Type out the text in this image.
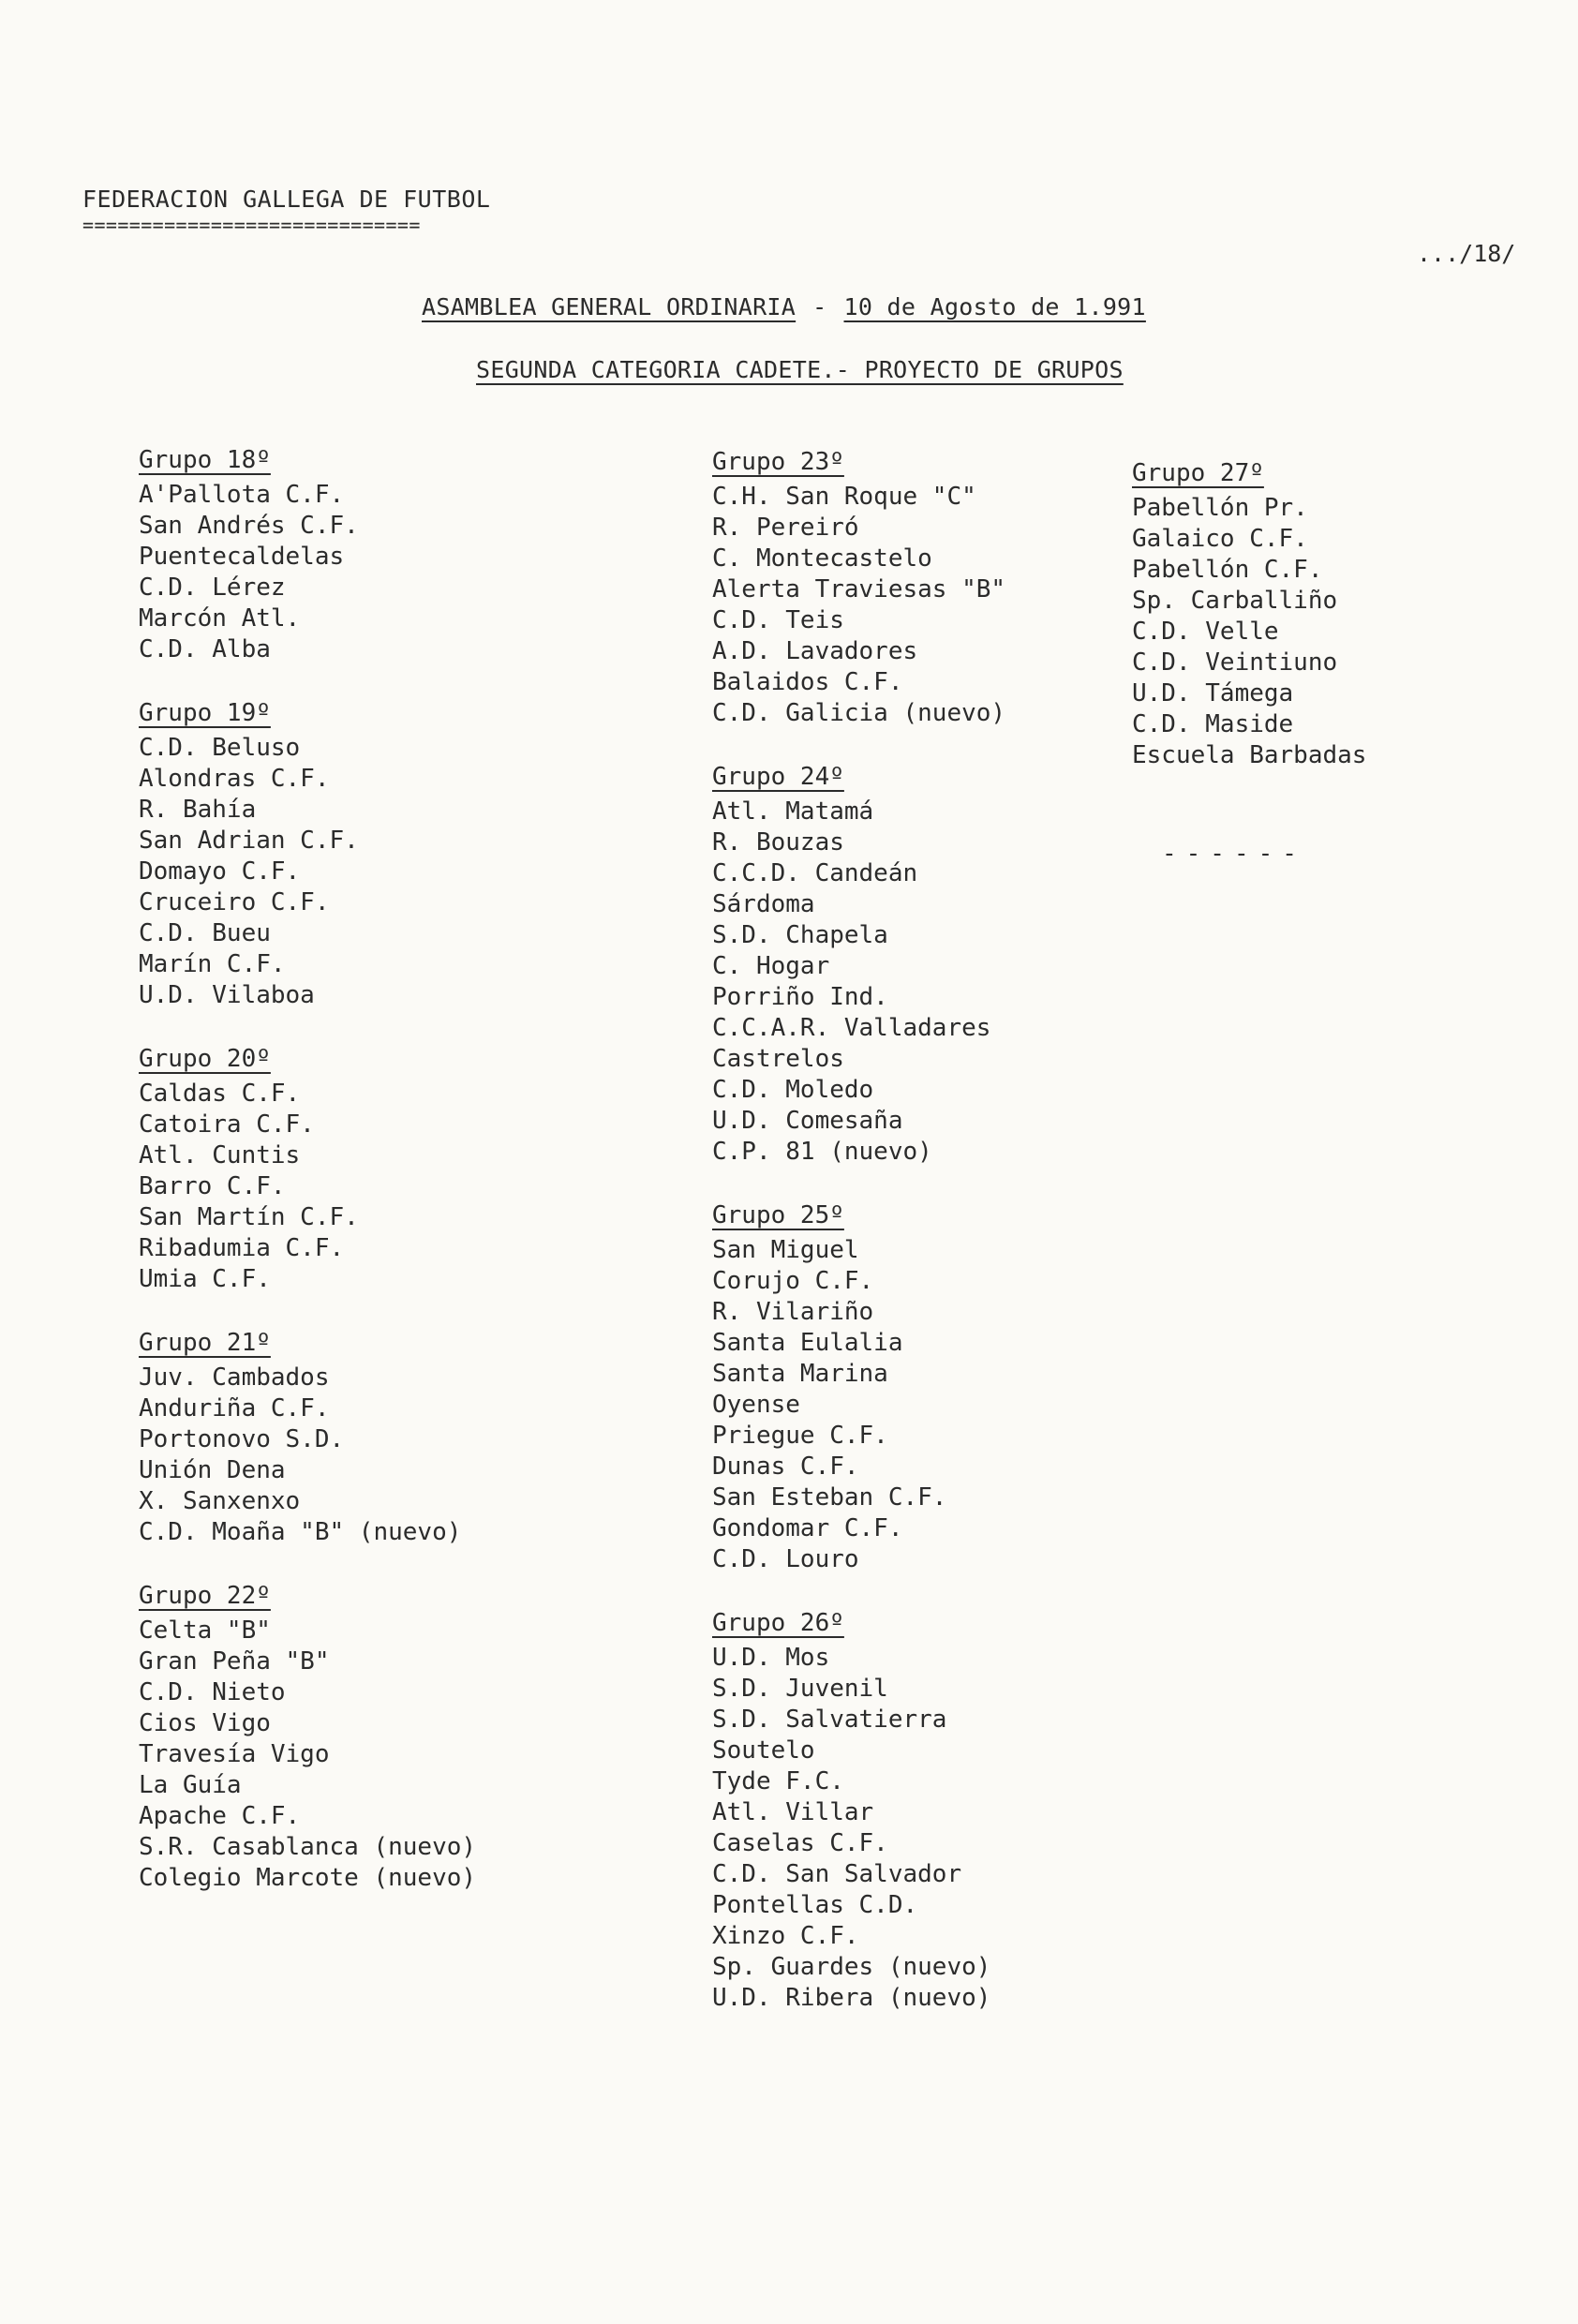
FEDERACION GALLEGA DE FUTBOL
=============================
.../18/
ASAMBLEA GENERAL ORDINARIA - 10 de Agosto de 1.991
SEGUNDA CATEGORIA CADETE.- PROYECTO DE GRUPOS
Grupo 18º
A'Pallota C.F.
San Andrés C.F.
Puentecaldelas
C.D. Lérez
Marcón Atl.
C.D. Alba
Grupo 19º
C.D. Beluso
Alondras C.F.
R. Bahía
San Adrian C.F.
Domayo C.F.
Cruceiro C.F.
C.D. Bueu
Marín C.F.
U.D. Vilaboa
Grupo 20º
Caldas C.F.
Catoira C.F.
Atl. Cuntis
Barro C.F.
San Martín C.F.
Ribadumia C.F.
Umia C.F.
Grupo 21º
Juv. Cambados
Anduriña C.F.
Portonovo S.D.
Unión Dena
X. Sanxenxo
C.D. Moaña "B" (nuevo)
Grupo 22º
Celta "B"
Gran Peña "B"
C.D. Nieto
Cios Vigo
Travesía Vigo
La Guía
Apache C.F.
S.R. Casablanca (nuevo)
Colegio Marcote (nuevo)
Grupo 23º
C.H. San Roque "C"
R. Pereiró
C. Montecastelo
Alerta Traviesas "B"
C.D. Teis
A.D. Lavadores
Balaidos C.F.
C.D. Galicia (nuevo)
Grupo 24º
Atl. Matamá
R. Bouzas
C.C.D. Candeán
Sárdoma
S.D. Chapela
C. Hogar
Porriño Ind.
C.C.A.R. Valladares
Castrelos
C.D. Moledo
U.D. Comesaña
C.P. 81 (nuevo)
Grupo 25º
San Miguel
Corujo C.F.
R. Vilariño
Santa Eulalia
Santa Marina
Oyense
Priegue C.F.
Dunas C.F.
San Esteban C.F.
Gondomar C.F.
C.D. Louro
Grupo 26º
U.D. Mos
S.D. Juvenil
S.D. Salvatierra
Soutelo
Tyde F.C.
Atl. Villar
Caselas C.F.
C.D. San Salvador
Pontellas C.D.
Xinzo C.F.
Sp. Guardes (nuevo)
U.D. Ribera (nuevo)
Grupo 27º
Pabellón Pr.
Galaico C.F.
Pabellón C.F.
Sp. Carballiño
C.D. Velle
C.D. Veintiuno
U.D. Támega
C.D. Maside
Escuela Barbadas
------
